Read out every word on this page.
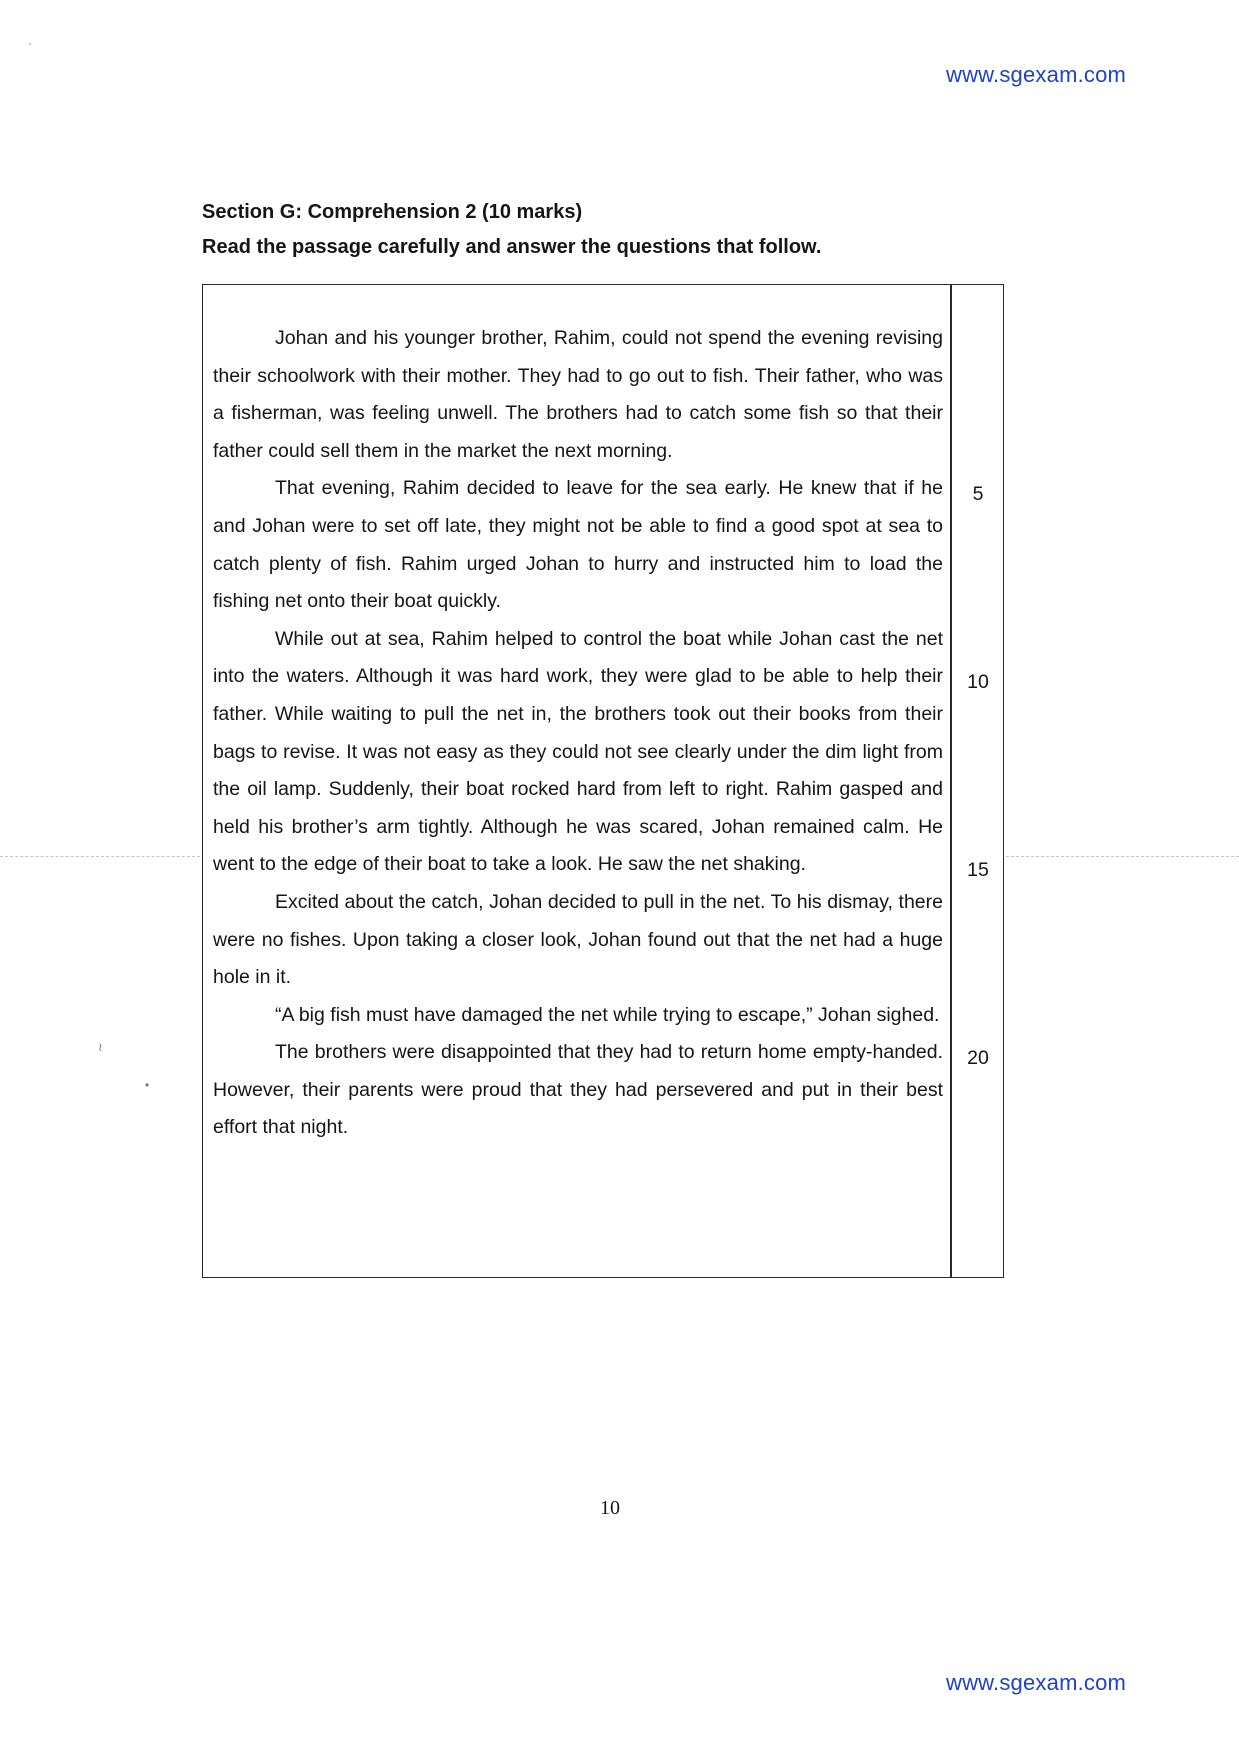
www.sgexam.com
Section G: Comprehension 2 (10 marks)
Read the passage carefully and answer the questions that follow.

Johan and his younger brother, Rahim, could not spend the evening revising their schoolwork with their mother. They had to go out to fish. Their father, who was a fisherman, was feeling unwell. The brothers had to catch some fish so that their father could sell them in the market the next morning.

That evening, Rahim decided to leave for the sea early. He knew that if he and Johan were to set off late, they might not be able to find a good spot at sea to catch plenty of fish. Rahim urged Johan to hurry and instructed him to load the fishing net onto their boat quickly.

While out at sea, Rahim helped to control the boat while Johan cast the net into the waters. Although it was hard work, they were glad to be able to help their father. While waiting to pull the net in, the brothers took out their books from their bags to revise. It was not easy as they could not see clearly under the dim light from the oil lamp. Suddenly, their boat rocked hard from left to right. Rahim gasped and held his brother’s arm tightly. Although he was scared, Johan remained calm. He went to the edge of their boat to take a look. He saw the net shaking.

Excited about the catch, Johan decided to pull in the net. To his dismay, there were no fishes. Upon taking a closer look, Johan found out that the net had a huge hole in it.

“A big fish must have damaged the net while trying to escape,” Johan sighed.

The brothers were disappointed that they had to return home empty-handed. However, their parents were proud that they had persevered and put in their best effort that night.

5
10
15
20
≀
•
·
10
www.sgexam.com
